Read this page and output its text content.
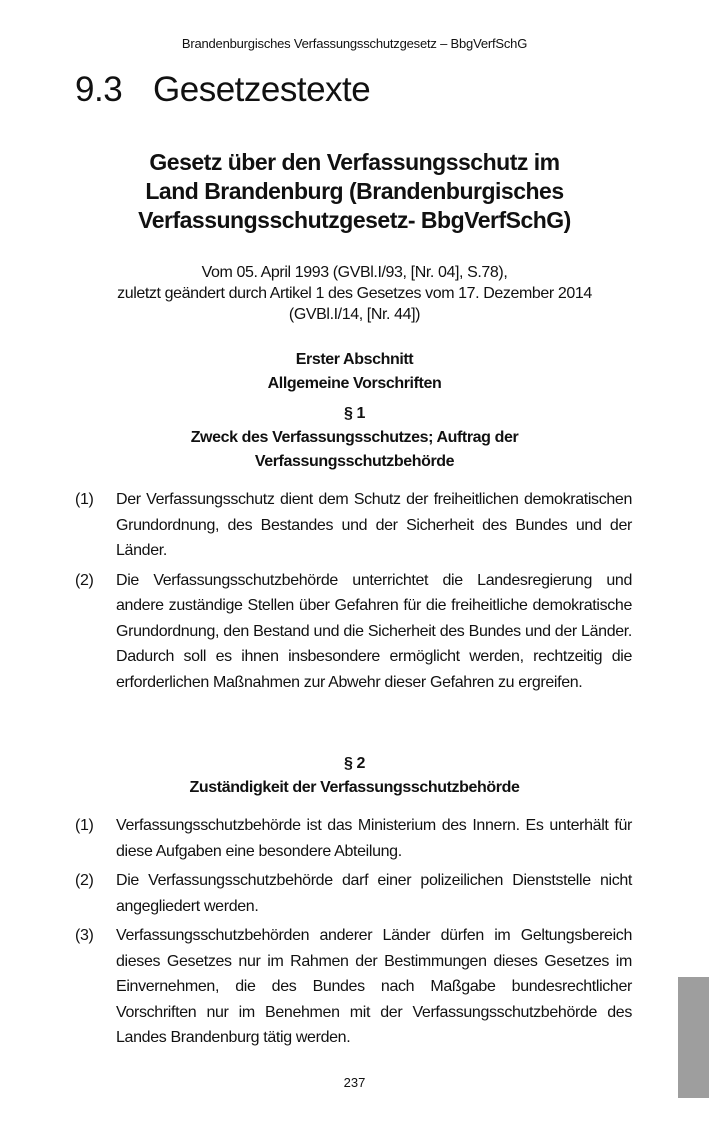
Brandenburgisches Verfassungsschutzgesetz – BbgVerfSchG
9.3 Gesetzestexte
Gesetz über den Verfassungsschutz im
Land Brandenburg (Brandenburgisches
Verfassungsschutzgesetz- BbgVerfSchG)
Vom 05. April 1993 (GVBl.I/93, [Nr. 04], S.78),
zuletzt geändert durch Artikel 1 des Gesetzes vom 17. Dezember 2014
(GVBl.I/14, [Nr. 44])
Erster Abschnitt
Allgemeine Vorschriften
§ 1
Zweck des Verfassungsschutzes; Auftrag der
Verfassungsschutzbehörde
(1)	Der Verfassungsschutz dient dem Schutz der freiheitlichen demokratischen Grundordnung, des Bestandes und der Sicherheit des Bundes und der Länder.
(2)	Die Verfassungsschutzbehörde unterrichtet die Landesregierung und andere zuständige Stellen über Gefahren für die freiheitliche demokratische Grundordnung, den Bestand und die Sicherheit des Bundes und der Länder. Dadurch soll es ihnen insbesondere ermöglicht werden, rechtzeitig die erforderlichen Maßnahmen zur Abwehr dieser Gefahren zu ergreifen.
§ 2
Zuständigkeit der Verfassungsschutzbehörde
(1)	Verfassungsschutzbehörde ist das Ministerium des Innern. Es unterhält für diese Aufgaben eine besondere Abteilung.
(2)	Die Verfassungsschutzbehörde darf einer polizeilichen Dienststelle nicht angegliedert werden.
(3)	Verfassungsschutzbehörden anderer Länder dürfen im Geltungsbereich dieses Gesetzes nur im Rahmen der Bestimmungen dieses Gesetzes im Einvernehmen, die des Bundes nach Maßgabe bundesrechtlicher Vorschriften nur im Benehmen mit der Verfassungsschutzbehörde des Landes Brandenburg tätig werden.
237
